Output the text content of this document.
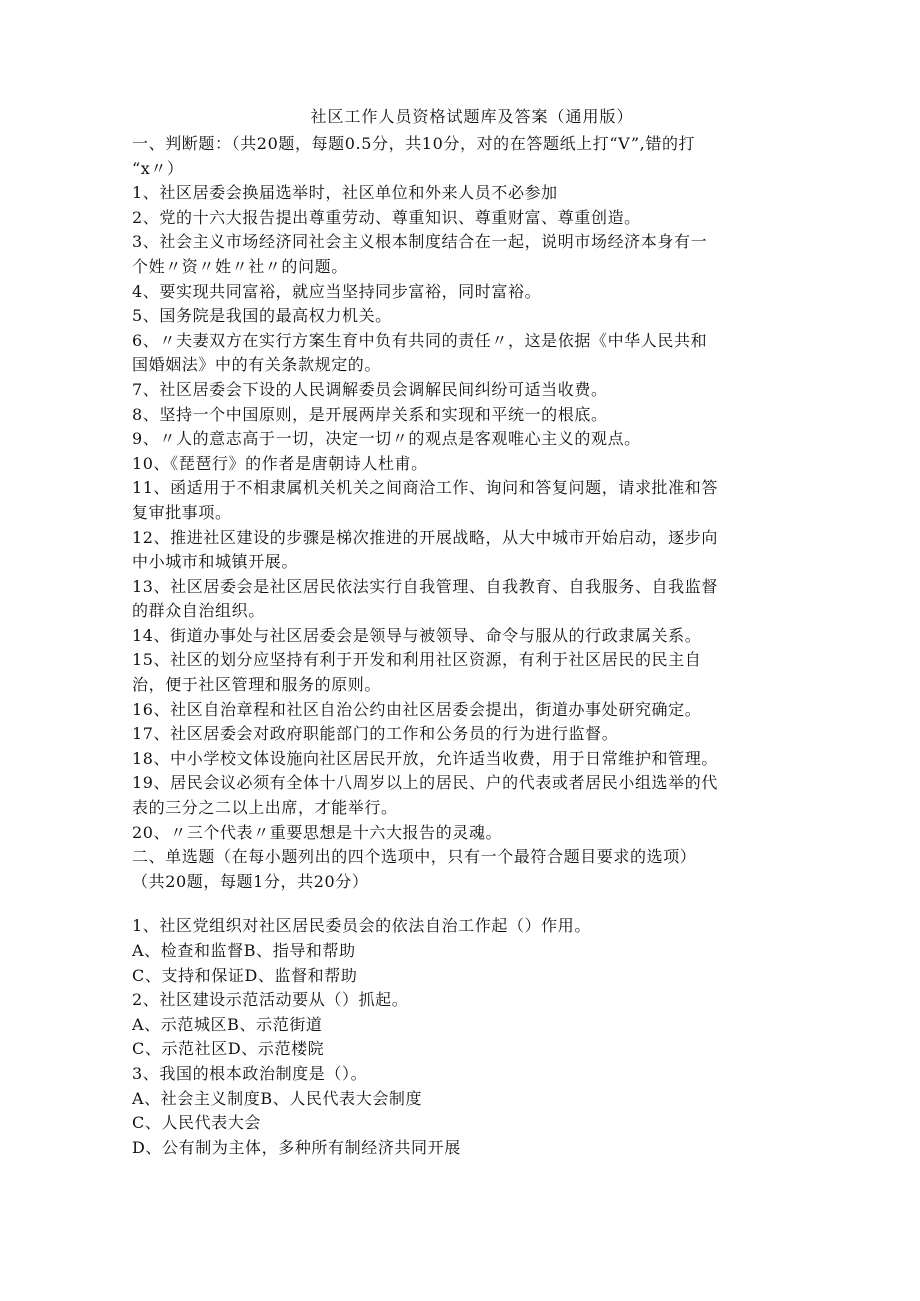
社区工作人员资格试题库及答案（通用版）
一、判断题：（共20题，每题0.5分，共10分，对的在答题纸上打“V”,错的打
“x〃）
1、社区居委会换届选举时，社区单位和外来人员不必参加
2、党的十六大报告提出尊重劳动、尊重知识、尊重财富、尊重创造。
3、社会主义市场经济同社会主义根本制度结合在一起，说明市场经济本身有一
个姓〃资〃姓〃社〃的问题。
4、要实现共同富裕，就应当坚持同步富裕，同时富裕。
5、国务院是我国的最高权力机关。
6、〃夫妻双方在实行方案生育中负有共同的责任〃，这是依据《中华人民共和
国婚姻法》中的有关条款规定的。
7、社区居委会下设的人民调解委员会调解民间纠纷可适当收费。
8、坚持一个中国原则，是开展两岸关系和实现和平统一的根底。
9、〃人的意志高于一切，决定一切〃的观点是客观唯心主义的观点。
10、《琵琶行》的作者是唐朝诗人杜甫。
11、函适用于不相隶属机关机关之间商洽工作、询问和答复问题，请求批准和答
复审批事项。
12、推进社区建设的步骤是梯次推进的开展战略，从大中城市开始启动，逐步向
中小城市和城镇开展。
13、社区居委会是社区居民依法实行自我管理、自我教育、自我服务、自我监督
的群众自治组织。
14、街道办事处与社区居委会是领导与被领导、命令与服从的行政隶属关系。
15、社区的划分应坚持有利于开发和利用社区资源，有利于社区居民的民主自
治，便于社区管理和服务的原则。
16、社区自治章程和社区自治公约由社区居委会提出，街道办事处研究确定。
17、社区居委会对政府职能部门的工作和公务员的行为进行监督。
18、中小学校文体设施向社区居民开放，允许适当收费，用于日常维护和管理。
19、居民会议必须有全体十八周岁以上的居民、户的代表或者居民小组选举的代
表的三分之二以上出席，才能举行。
20、〃三个代表〃重要思想是十六大报告的灵魂。
二、单选题（在每小题列出的四个选项中，只有一个最符合题目要求的选项）
（共20题，每题1分，共20分）
1、社区党组织对社区居民委员会的依法自治工作起（）作用。
A、检查和监督B、指导和帮助
C、支持和保证D、监督和帮助
2、社区建设示范活动要从（）抓起。
A、示范城区B、示范街道
C、示范社区D、示范楼院
3、我国的根本政治制度是（）。
A、社会主义制度B、人民代表大会制度
C、人民代表大会
D、公有制为主体，多种所有制经济共同开展
